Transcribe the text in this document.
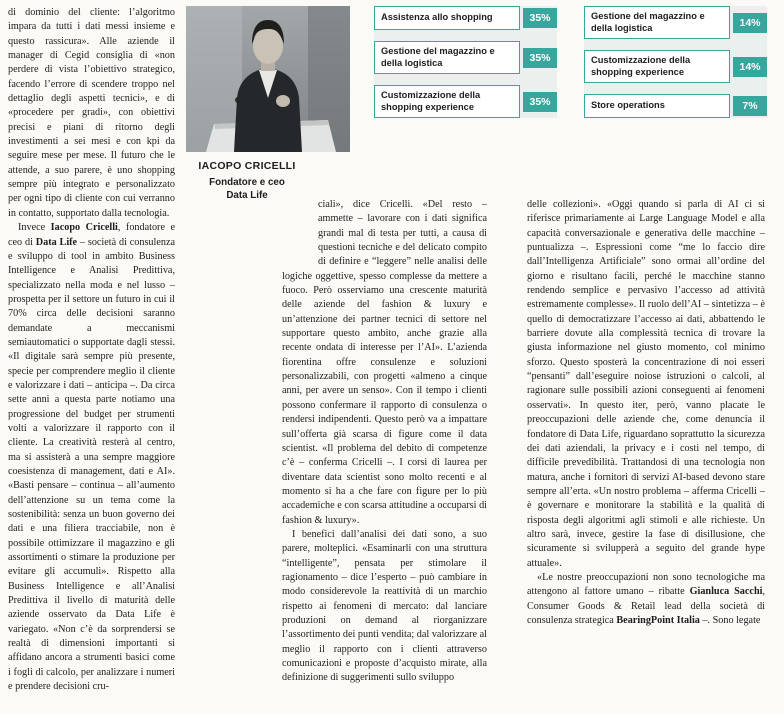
di dominio del cliente: l’algoritmo impara da tutti i dati messi insieme e questo rassicura». Alle aziende il manager di Cegid consiglia di «non perdere di vista l’obiettivo strategico, facendo l’errore di scendere troppo nel dettaglio degli aspetti tecnici», e di «procedere per gradi», con obiettivi precisi e piani di ritorno degli investimenti a sei mesi e con kpi da seguire mese per mese. Il futuro che le attende, a suo parere, è uno shopping sempre più integrato e personalizzato per ogni tipo di cliente con cui verranno in contatto, supportato dalla tecnologia.

Invece Iacopo Cricelli, fondatore e ceo di Data Life – società di consulenza e sviluppo di tool in ambito Business Intelligence e Analisi Predittiva, specializzato nella moda e nel lusso – prospetta per il settore un futuro in cui il 70% circa delle decisioni saranno demandate a meccanismi semiautomatici o supportate dagli stessi. «Il digitale sarà sempre più presente, specie per comprendere meglio il cliente e valorizzare i dati – anticipa –. Da circa sette anni a questa parte notiamo una progressione del budget per strumenti volti a valorizzare il rapporto con il cliente. La creatività resterà al centro, ma si assisterà a una sempre maggiore coesistenza di management, dati e AI». «Basti pensare – continua – all’aumento dell’attenzione su un tema come la sostenibilità: senza un buon governo dei dati e una filiera tracciabile, non è possibile ottimizzare il magazzino e gli assortimenti o stimare la produzione per evitare gli accumuli». Rispetto alla Business Intelligence e all’Analisi Predittiva il livello di maturità delle aziende osservato da Data Life è variegato. «Non c’è da sorprendersi se realtà di dimensioni importanti si affidano ancora a strumenti basici come i fogli di calcolo, per analizzare i numeri e prendere decisioni cru-

IACOPO CRICELLI
Fondatore e ceo
Data Life
Assistenza allo shopping	35%
Gestione del magazzino e della logistica	35%
Customizzazione della shopping experience	35%
Gestione del magazzino e della logistica	14%
Customizzazione della shopping experience	14%
Store operations	7%

ciali», dice Cricelli. «Del resto – ammette – lavorare con i dati significa grandi mal di testa per tutti, a causa di questioni tecniche e del delicato compito di definire e “leggere” nelle analisi delle logiche oggettive, spesso complesse da mettere a fuoco. Però osserviamo una crescente maturità delle aziende del fashion & luxury e un’attenzione dei partner tecnici di settore nel supportare questo ambito, anche grazie alla recente ondata di interesse per l’AI». L’azienda fiorentina offre consulenze e soluzioni personalizzabili, con progetti «almeno a cinque anni, per avere un senso». Con il tempo i clienti possono confermare il rapporto di consulenza o rendersi indipendenti. Questo però va a impattare sull’offerta già scarsa di figure come il data scientist. «Il problema del debito di competenze c’è – conferma Cricelli –. I corsi di laurea per diventare data scientist sono molto recenti e al momento si ha a che fare con figure per lo più accademiche e con scarsa attitudine a occuparsi di fashion & luxury».

I benefici dall’analisi dei dati sono, a suo parere, molteplici. «Esaminarli con una struttura “intelligente”, pensata per stimolare il ragionamento – dice l’esperto – può cambiare in modo considerevole la reattività di un marchio rispetto ai fenomeni di mercato: dal lanciare produzioni on demand al riorganizzare l’assortimento dei punti vendita; dal valorizzare al meglio il rapporto con i clienti attraverso comunicazioni e proposte d’acquisto mirate, alla definizione di suggerimenti sullo sviluppo

delle collezioni». «Oggi quando si parla di AI ci si riferisce primariamente ai Large Language Model e alla capacità conversazionale e generativa delle macchine – puntualizza –. Espressioni come “me lo faccio dire dall’Intelligenza Artificiale” sono ormai all’ordine del giorno e risultano facili, perché le macchine stanno rendendo semplice e pervasivo l’accesso ad attività estremamente complesse». Il ruolo dell’AI – sintetizza – è quello di democratizzare l’accesso ai dati, abbattendo le barriere dovute alla complessità tecnica di trovare la giusta informazione nel giusto momento, col minimo sforzo. Questo sposterà la concentrazione di noi esseri “pensanti” dall’eseguire noiose istruzioni o calcoli, al ragionare sulle possibili azioni conseguenti ai fenomeni osservati». In questo iter, però, vanno placate le preoccupazioni delle aziende che, come denuncia il fondatore di Data Life, riguardano soprattutto la sicurezza dei dati aziendali, la privacy e i costi nel tempo, di difficile prevedibilità. Trattandosi di una tecnologia non matura, anche i fornitori di servizi AI-based devono stare sempre all’erta. «Un nostro problema – afferma Cricelli – è governare e monitorare la stabilità e la qualità di risposta degli algoritmi agli stimoli e alle richieste. Un altro sarà, invece, gestire la fase di disillusione, che sicuramente si svilupperà a seguito del grande hype attuale».

«Le nostre preoccupazioni non sono tecnologiche ma attengono al fattore umano – ribatte Gianluca Sacchi, Consumer Goods & Retail lead della società di consulenza strategica BearingPoint Italia –. Sono legate
